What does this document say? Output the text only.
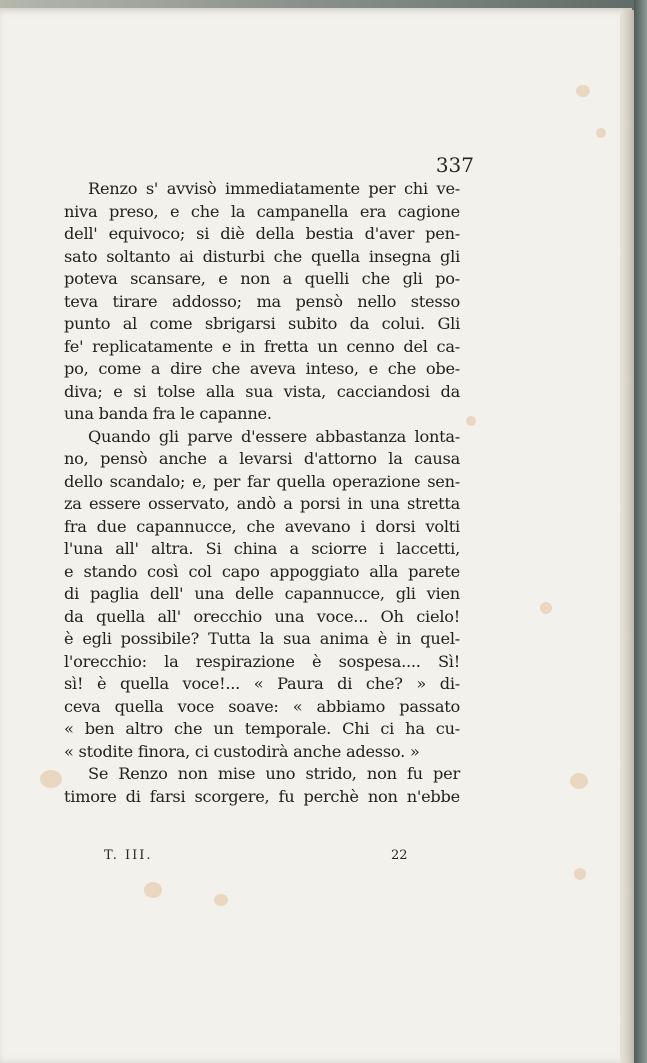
337
Renzo s' avvisò immediatamente per chi ve-
niva preso, e che la campanella era cagione
dell' equivoco; si diè della bestia d'aver pen-
sato soltanto ai disturbi che quella insegna gli
poteva scansare, e non a quelli che gli po-
teva tirare addosso; ma pensò nello stesso
punto al come sbrigarsi subito da colui. Gli
fe' replicatamente e in fretta un cenno del ca-
po, come a dire che aveva inteso, e che obe-
diva; e si tolse alla sua vista, cacciandosi da
una banda fra le capanne.
Quando gli parve d'essere abbastanza lonta-
no, pensò anche a levarsi d'attorno la causa
dello scandalo; e, per far quella operazione sen-
za essere osservato, andò a porsi in una stretta
fra due capannucce, che avevano i dorsi volti
l'una all' altra. Si china a sciorre i laccetti,
e stando così col capo appoggiato alla parete
di paglia dell' una delle capannucce, gli vien
da quella all' orecchio una voce... Oh cielo!
è egli possibile? Tutta la sua anima è in quel-
l'orecchio: la respirazione è sospesa.... Sì!
sì! è quella voce!... « Paura di che? » di-
ceva quella voce soave: « abbiamo passato
« ben altro che un temporale. Chi ci ha cu-
« stodite finora, ci custodirà anche adesso. »
Se Renzo non mise uno strido, non fu per
timore di farsi scorgere, fu perchè non n'ebbe
T. III.	22
